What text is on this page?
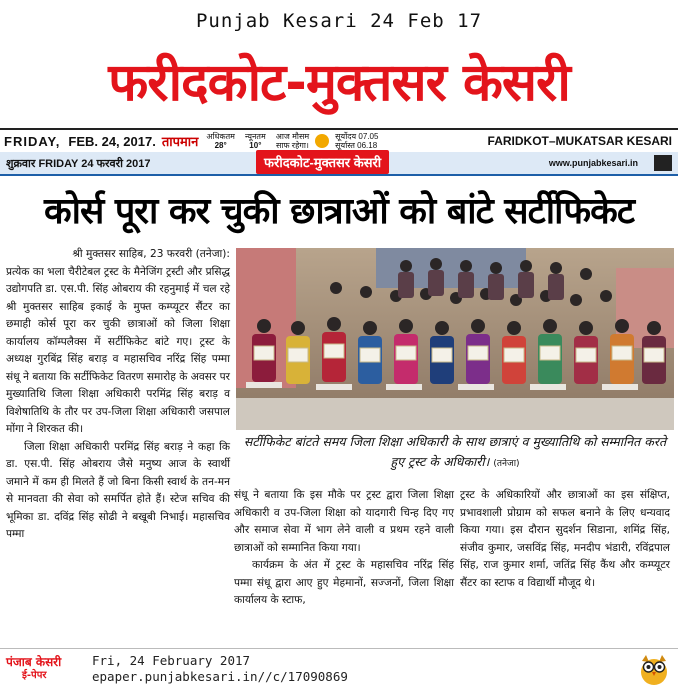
Punjab Kesari 24 Feb 17
फरीदकोट-मुक्तसर केसरी
FRIDAY, FEB. 24, 2017. तापमान अधिकतम
28°
न्यूनतम
10°
आज मौसम
साफ रहेगा।
सूर्योदय 07.05
सूर्यास्त 06.18	FARIDKOT–MUKATSAR KESARI
शुक्रवार FRIDAY 24 फरवरी 2017	फरीदकोट-मुक्तसर केसरी	www.punjabkesari.in
कोर्स पूरा कर चुकी छात्राओं को बांटे सर्टीफिकेट

श्री मुक्तसर साहिब, 23 फरवरी (तनेजा):

प्रत्येक का भला चैरीटेबल ट्रस्ट के मैनेजिंग ट्रस्टी और प्रसिद्ध उद्योगपति डा. एस.पी. सिंह ओबराय की रहनुमाई में चल रहे श्री मुक्तसर साहिब इकाई के मुफ्त कम्प्यूटर सैंटर का छमाही कोर्स पूरा कर चुकी छात्राओं को जिला शिक्षा कार्यालय कॉम्पलैक्स में सर्टीफिकेट बांटे गए। ट्रस्ट के अध्यक्ष गुरबिंद्र सिंह बराड़ व महासचिव नरिंद्र सिंह पम्मा संधू ने बताया कि सर्टीफिकेट वितरण समारोह के अवसर पर मुख्यातिथि जिला शिक्षा अधिकारी परमिंद्र सिंह बराड़ व विशेषातिथि के तौर पर उप-जिला शिक्षा अधिकारी जसपाल मोंगा ने शिरकत की।

जिला शिक्षा अधिकारी परमिंद्र सिंह बराड़ ने कहा कि डा. एस.पी. सिंह ओबराय जैसे मनुष्य आज के स्वार्थी जमाने में कम ही मिलते हैं जो बिना किसी स्वार्थ के तन-मन से मानवता की सेवा को समर्पित होते हैं। स्टेज सचिव की भूमिका डा. दविंद्र सिंह सोढी ने बखूबी निभाई। महासचिव पम्मा

सर्टीफिकेट बांटते समय जिला शिक्षा अधिकारी के साथ छात्राएं व मुख्यातिथि को सम्मानित करते हुए ट्रस्ट के अधिकारी। (तनेजा)

संधू ने बताया कि इस मौके पर ट्रस्ट द्वारा जिला शिक्षा अधिकारी व उप-जिला शिक्षा को यादगारी चिन्ह दिए गए और समाज सेवा में भाग लेने वाली व प्रथम रहने वाली छात्राओं को सम्मानित किया गया।

कार्यक्रम के अंत में ट्रस्ट के महासचिव नरिंद्र सिंह पम्मा संधू द्वारा आए हुए मेहमानों, सज्जनों, जिला शिक्षा कार्यालय के स्टाफ,

ट्रस्ट के अधिकारियों और छात्राओं का इस संक्षिप्त, प्रभावशाली प्रोग्राम को सफल बनाने के लिए धन्यवाद किया गया। इस दौरान सुदर्शन सिडाना, शमिंद्र सिंह, संजीव कुमार, जसविंद्र सिंह, मनदीप भंडारी, रविंद्रपाल सिंह, राज कुमार शर्मा, जतिंद्र सिंह कैंथ और कम्प्यूटर सैंटर का स्टाफ व विद्यार्थी मौजूद थे।

पंजाब केसरी
ई-पेपर
Fri, 24 February 2017
epaper.punjabkesari.in//c/17090869
